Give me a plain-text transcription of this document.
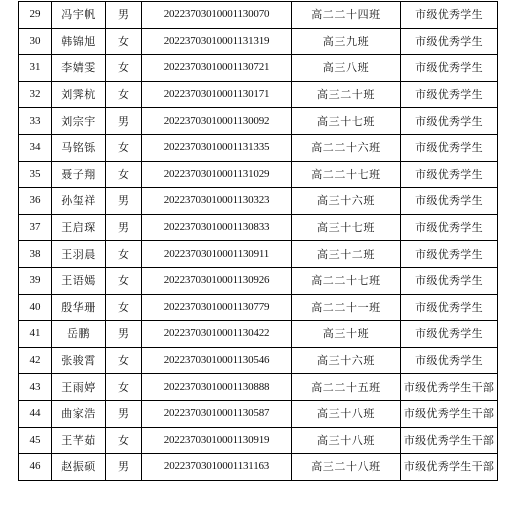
29	冯宇帆	男	20223703010001130070	高二二十四班	市级优秀学生
30	韩锦旭	女	20223703010001131319	高三九班	市级优秀学生
31	李婧雯	女	20223703010001130721	高三八班	市级优秀学生
32	刘霁杭	女	20223703010001130171	高三二十班	市级优秀学生
33	刘宗宇	男	20223703010001130092	高三十七班	市级优秀学生
34	马铭铄	女	20223703010001131335	高二二十六班	市级优秀学生
35	聂子翔	女	20223703010001131029	高二二十七班	市级优秀学生
36	孙玺祥	男	20223703010001130323	高三十六班	市级优秀学生
37	王启琛	男	20223703010001130833	高三十七班	市级优秀学生
38	王羽晨	女	20223703010001130911	高三十二班	市级优秀学生
39	王语嫣	女	20223703010001130926	高二二十七班	市级优秀学生
40	殷华珊	女	20223703010001130779	高二二十一班	市级优秀学生
41	岳鹏	男	20223703010001130422	高三十班	市级优秀学生
42	张骏霄	女	20223703010001130546	高三十六班	市级优秀学生
43	王雨婷	女	20223703010001130888	高二二十五班	市级优秀学生干部
44	曲家浩	男	20223703010001130587	高三十八班	市级优秀学生干部
45	王芊茹	女	20223703010001130919	高三十八班	市级优秀学生干部
46	赵振硕	男	20223703010001131163	高三二十八班	市级优秀学生干部
